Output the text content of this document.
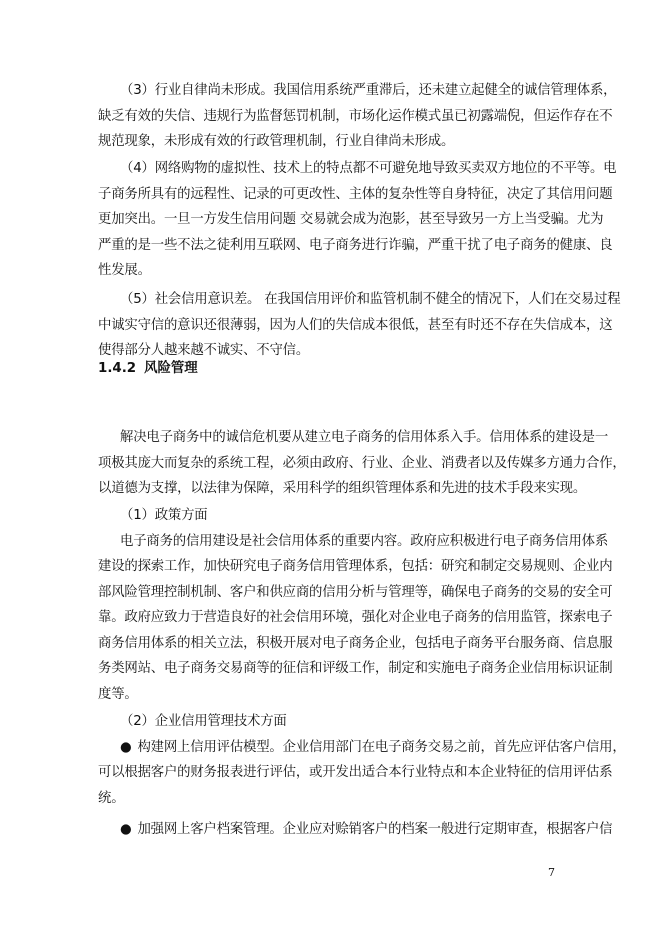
（3）行业自律尚未形成。我国信用系统严重滞后，还未建立起健全的诚信管理体系，
缺乏有效的失信、违规行为监督惩罚机制，市场化运作模式虽已初露端倪，但运作存在不
规范现象，未形成有效的行政管理机制，行业自律尚未形成。
（4）网络购物的虚拟性、技术上的特点都不可避免地导致买卖双方地位的不平等。电
子商务所具有的远程性、记录的可更改性、主体的复杂性等自身特征，决定了其信用问题
更加突出。一旦一方发生信用问题 交易就会成为泡影，甚至导致另一方上当受骗。尤为
严重的是一些不法之徒利用互联网、电子商务进行诈骗，严重干扰了电子商务的健康、良
性发展。
（5）社会信用意识差。 在我国信用评价和监管机制不健全的情况下，人们在交易过程
中诚实守信的意识还很薄弱，因为人们的失信成本很低，甚至有时还不存在失信成本，这
使得部分人越来越不诚实、不守信。
1.4.2 风险管理
解决电子商务中的诚信危机要从建立电子商务的信用体系入手。信用体系的建设是一
项极其庞大而复杂的系统工程，必须由政府、行业、企业、消费者以及传媒多方通力合作，
以道德为支撑，以法律为保障，采用科学的组织管理体系和先进的技术手段来实现。
（1）政策方面
电子商务的信用建设是社会信用体系的重要内容。政府应积极进行电子商务信用体系
建设的探索工作，加快研究电子商务信用管理体系，包括：研究和制定交易规则、企业内
部风险管理控制机制、客户和供应商的信用分析与管理等，确保电子商务的交易的安全可
靠。政府应致力于营造良好的社会信用环境，强化对企业电子商务的信用监管，探索电子
商务信用体系的相关立法，积极开展对电子商务企业，包括电子商务平台服务商、信息服
务类网站、电子商务交易商等的征信和评级工作，制定和实施电子商务企业信用标识证制
度等。
（2）企业信用管理技术方面
● 构建网上信用评估模型。企业信用部门在电子商务交易之前，首先应评估客户信用，
可以根据客户的财务报表进行评估，或开发出适合本行业特点和本企业特征的信用评估系
统。
● 加强网上客户档案管理。企业应对赊销客户的档案一般进行定期审查，根据客户信
7
